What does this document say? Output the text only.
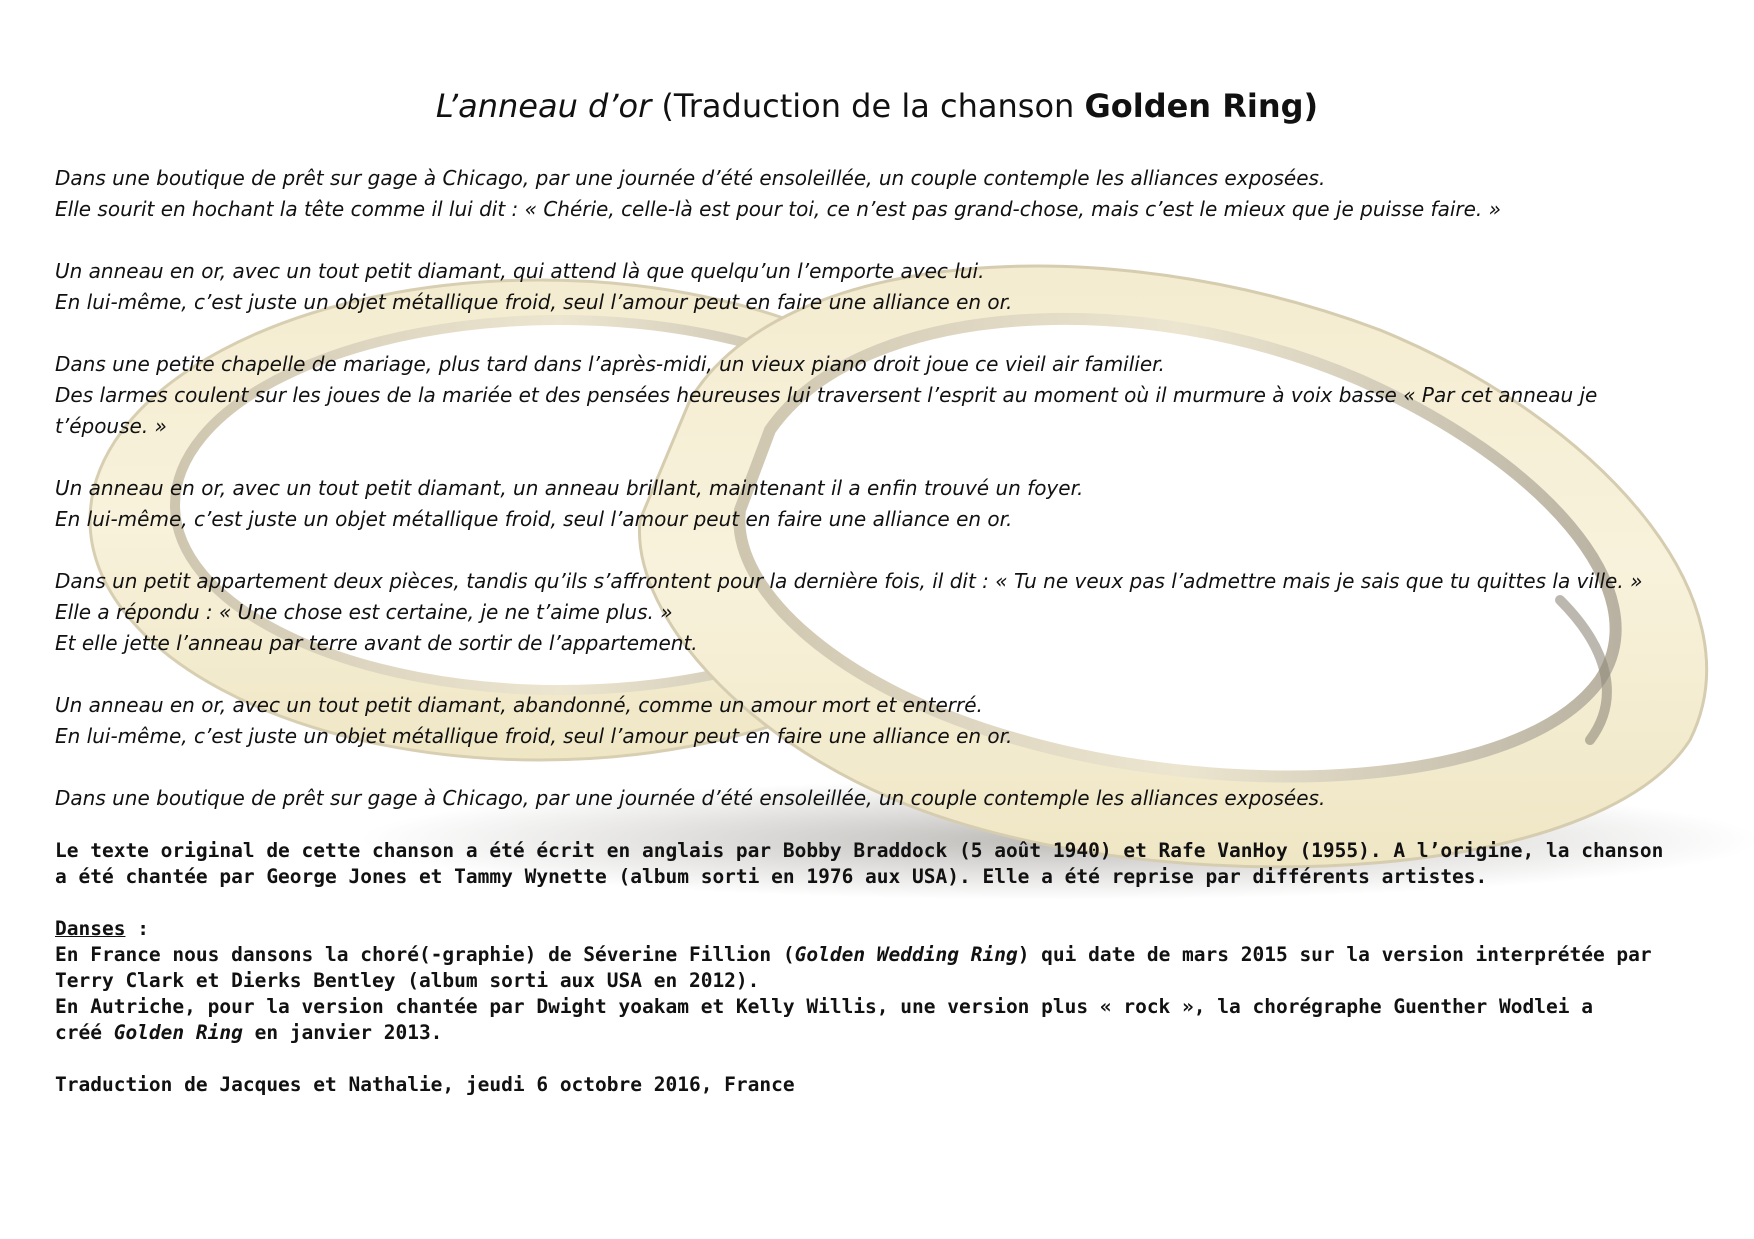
L’anneau d’or (Traduction de la chanson Golden Ring)

Dans une boutique de prêt sur gage à Chicago, par une journée d’été ensoleillée, un couple contemple les alliances exposées.
Elle sourit en hochant la tête comme il lui dit : « Chérie, celle-là est pour toi, ce n’est pas grand-chose, mais c’est le mieux que je puisse faire. »

Un anneau en or, avec un tout petit diamant, qui attend là que quelqu’un l’emporte avec lui.
En lui-même, c’est juste un objet métallique froid, seul l’amour peut en faire une alliance en or.

Dans une petite chapelle de mariage, plus tard dans l’après-midi, un vieux piano droit joue ce vieil air familier.
Des larmes coulent sur les joues de la mariée et des pensées heureuses lui traversent l’esprit au moment où il murmure à voix basse « Par cet anneau je
t’épouse. »

Un anneau en or, avec un tout petit diamant, un anneau brillant, maintenant il a enfin trouvé un foyer.
En lui-même, c’est juste un objet métallique froid, seul l’amour peut en faire une alliance en or.

Dans un petit appartement deux pièces, tandis qu’ils s’affrontent pour la dernière fois, il dit : « Tu ne veux pas l’admettre mais je sais que tu quittes la ville. »
Elle a répondu : « Une chose est certaine, je ne t’aime plus. »
Et elle jette l’anneau par terre avant de sortir de l’appartement.

Un anneau en or, avec un tout petit diamant, abandonné, comme un amour mort et enterré.
En lui-même, c’est juste un objet métallique froid, seul l’amour peut en faire une alliance en or.

Dans une boutique de prêt sur gage à Chicago, par une journée d’été ensoleillée, un couple contemple les alliances exposées.

Le texte original de cette chanson a été écrit en anglais par Bobby Braddock (5 août 1940) et Rafe VanHoy (1955). A l’origine, la chanson
a été chantée par George Jones et Tammy Wynette (album sorti en 1976 aux USA). Elle a été reprise par différents artistes.

Danses :
En France nous dansons la choré(-graphie) de Séverine Fillion (Golden Wedding Ring) qui date de mars 2015 sur la version interprétée par
Terry Clark et Dierks Bentley (album sorti aux USA en 2012).
En Autriche, pour la version chantée par Dwight yoakam et Kelly Willis, une version plus « rock », la chorégraphe Guenther Wodlei a
créé Golden Ring en janvier 2013.

Traduction de Jacques et Nathalie, jeudi 6 octobre 2016, France
